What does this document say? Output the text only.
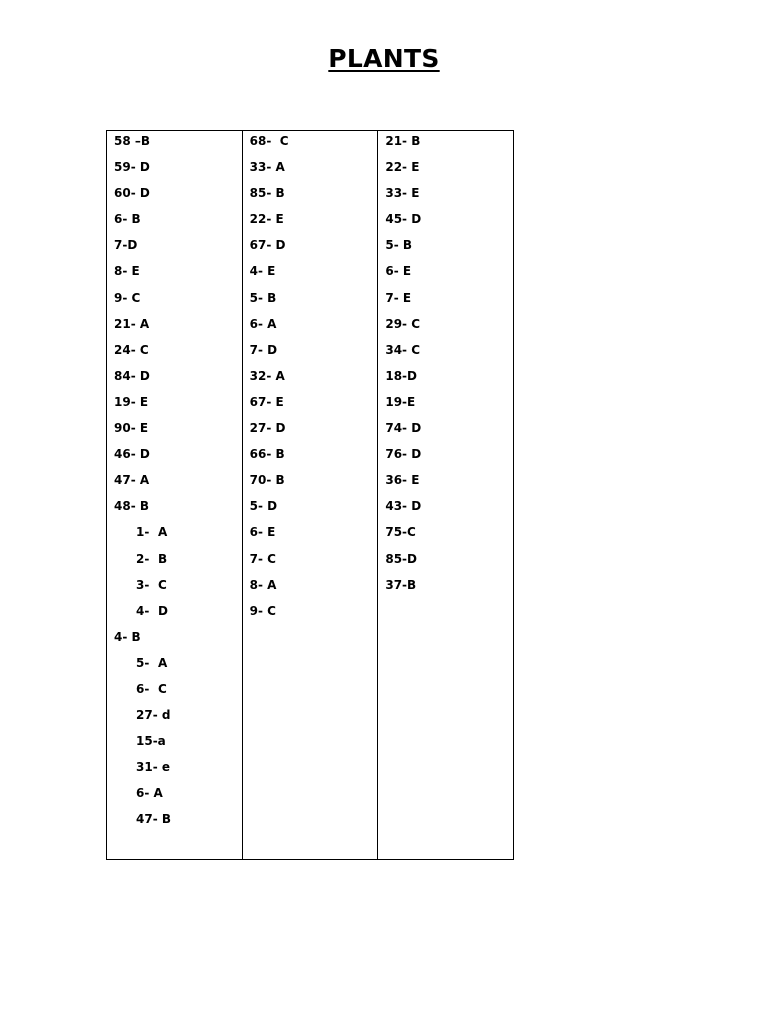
PLANTS
58 –B
59- D
60- D
6- B
7-D
8- E
9- C
21- A
24- C
84- D
19- E
90- E
46- D
47- A
48- B
1- A
2- B
3- C
4- D
4- B
5- A
6- C
27- d
15-a
31- e
6- A
47- B
68-  C
33- A
85- B
22- E
67- D
4- E
5- B
6- A
7- D
32- A
67- E
27- D
66- B
70- B
5- D
6- E
7- C
8- A
9- C
21- B
22- E
33- E
45- D
5- B
6- E
7- E
29- C
34- C
18-D
19-E
74- D
76- D
36- E
43- D
75-C
85-D
37-B
